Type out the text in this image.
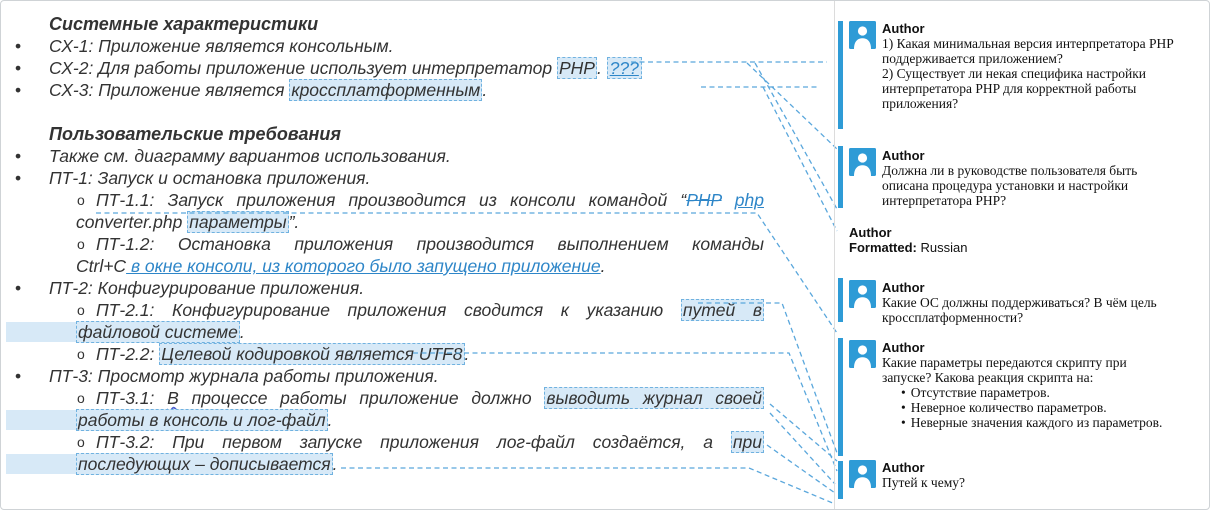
Системные характеристики
• СХ-1: Приложение является консольным.
• СХ-2: Для работы приложение использует интерпретатор PHP . ???
• СХ-3: Приложение является кроссплатформенным .
Пользовательские требования
• Также см. диаграмму вариантов использования.
• ПТ-1: Запуск и остановка приложения.
o ПТ-1.1: Запуск приложения производится из консоли командой “PHP php
converter.php параметры ”.
o ПТ-1.2: Остановка приложения производится выполнением команды
Ctrl+C в окне консоли, из которого было запущено приложение.
• ПТ-2: Конфигурирование приложения.
o ПТ-2.1: Конфигурирование приложения сводится к указанию путей в
файловой системе .
o ПТ-2.2: Целевой кодировкой является UTF8 .
• ПТ-3: Просмотр журнала работы приложения.
o ПТ-3.1: В процессе работы приложение должно выводить журнал своей
работы в консоль и лог-файл .
o ПТ-3.2: При первом запуске приложения лог-файл создаётся, а при
последующих – дописывается .
Author
1) Какая минимальная версия интерпретатора PHP
поддерживается приложением?
2) Существует ли некая специфика настройки
интерпретатора PHP для корректной работы
приложения?
Author
Должна ли в руководстве пользователя быть
описана процедура установки и настройки
интерпретатора PHP?
Author
Formatted: Russian
Author
Какие ОС должны поддерживаться? В чём цель
кроссплатформенности?
Author
Какие параметры передаются скрипту при
запуске? Какова реакция скрипта на:
• Отсутствие параметров.
• Неверное количество параметров.
• Неверные значения каждого из параметров.
Author
Путей к чему?
